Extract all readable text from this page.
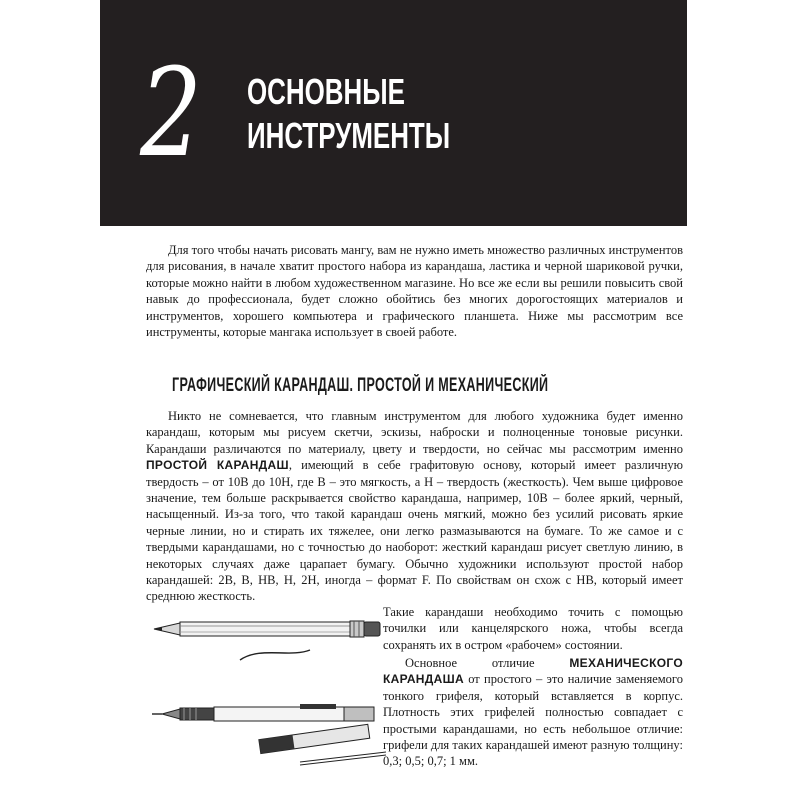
2 ОСНОВНЫЕ
ИНСТРУМЕНТЫ

Для того чтобы начать рисовать мангу, вам не нужно иметь множество различных инструментов для рисования, в начале хватит простого набора из карандаша, ластика и черной шариковой ручки, которые можно найти в любом художественном магазине. Но все же если вы решили повысить свой навык до профессионала, будет сложно обойтись без многих дорогостоящих материалов и инструментов, хорошего компьютера и графического планшета. Ниже мы рассмотрим все инструменты, которые мангака использует в своей работе.

ГРАФИЧЕСКИЙ КАРАНДАШ. ПРОСТОЙ И МЕХАНИЧЕСКИЙ

Никто не сомневается, что главным инструментом для любого художника будет именно карандаш, которым мы рисуем скетчи, эскизы, наброски и полноценные тоновые рисунки. Карандаши различаются по материалу, цвету и твердости, но сейчас мы рассмотрим именно ПРОСТОЙ КАРАНДАШ, имеющий в себе графитовую основу, который имеет различную твердость – от 10В до 10Н, где В – это мягкость, а Н – твердость (жесткость). Чем выше цифровое значение, тем больше раскрывается свойство карандаша, например, 10В – более яркий, черный, насыщенный. Из-за того, что такой карандаш очень мягкий, можно без усилий рисовать яркие черные линии, но и стирать их тяжелее, они легко размазываются на бумаге. То же самое и с твердыми карандашами, но с точностью до наоборот: жесткий карандаш рисует светлую линию, в некоторых случаях даже царапает бумагу. Обычно художники используют простой набор карандашей: 2В, В, НВ, Н, 2Н, иногда – формат F. По свойствам он схож с НВ, который имеет среднюю жесткость.

Такие карандаши необходимо точить с помощью точилки или канцелярского ножа, чтобы всегда сохранять их в остром «рабочем» состоянии.

Основное отличие МЕХАНИЧЕСКОГО КАРАНДАША от простого – это наличие заменяемого тонкого грифеля, который вставляется в корпус. Плотность этих грифелей полностью совпадает с простыми карандашами, но есть небольшое отличие: грифели для таких карандашей имеют разную толщину: 0,3; 0,5; 0,7; 1 мм.
